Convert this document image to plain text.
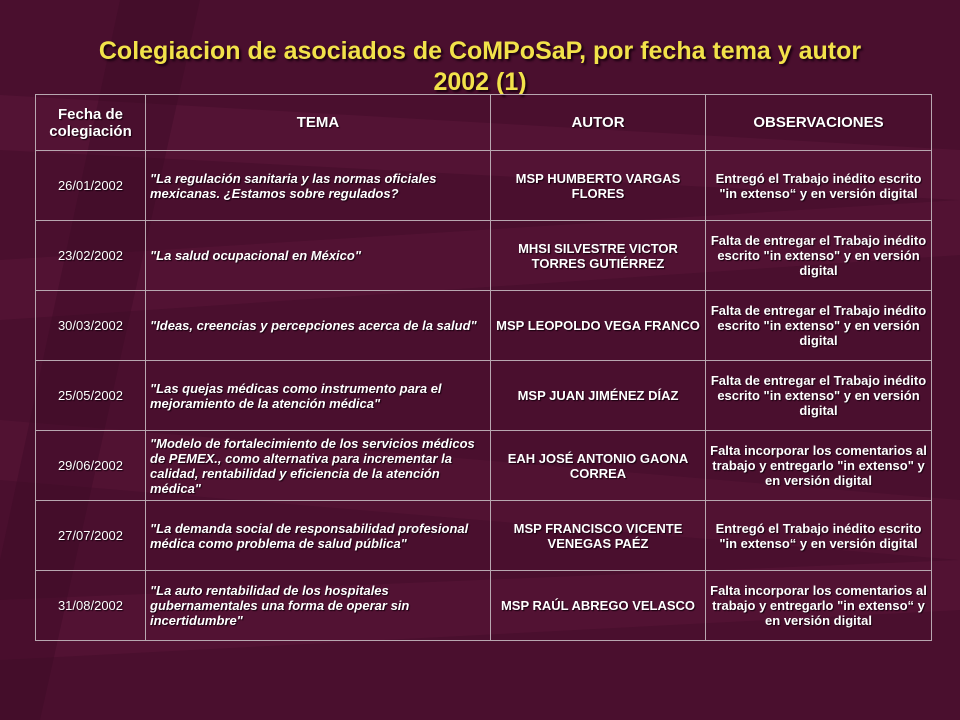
Colegiacion de asociados de CoMPoSaP, por fecha tema y autor
2002 (1)
Fecha de colegiación	TEMA	AUTOR	OBSERVACIONES
26/01/2002	"La regulación sanitaria y las normas oficiales mexicanas. ¿Estamos sobre regulados?	MSP HUMBERTO VARGAS FLORES	Entregó el Trabajo inédito escrito "in extenso“ y en versión digital
23/02/2002	"La salud ocupacional en México"	MHSI SILVESTRE VICTOR TORRES GUTIÉRREZ	Falta de entregar el Trabajo inédito escrito "in extenso" y en versión digital
30/03/2002	"Ideas, creencias y percepciones acerca de la salud"	MSP LEOPOLDO VEGA FRANCO	Falta de entregar el Trabajo inédito escrito "in extenso" y en versión digital
25/05/2002	"Las quejas médicas como instrumento para el mejoramiento de la atención médica"	MSP JUAN JIMÉNEZ DÍAZ	Falta de entregar el Trabajo inédito escrito "in extenso" y en versión digital
29/06/2002	"Modelo de fortalecimiento de los servicios médicos de PEMEX., como alternativa para incrementar la calidad, rentabilidad y eficiencia de la atención médica"	EAH JOSÉ ANTONIO GAONA CORREA	Falta incorporar los comentarios al trabajo y entregarlo "in extenso" y en versión digital
27/07/2002	"La demanda social de responsabilidad profesional médica como problema de salud pública"	MSP FRANCISCO VICENTE VENEGAS PAÉZ	Entregó el Trabajo inédito escrito "in extenso“ y en versión digital
31/08/2002	"La auto rentabilidad de los hospitales gubernamentales una forma de operar sin incertidumbre"	MSP RAÚL ABREGO VELASCO	Falta incorporar los comentarios al trabajo y entregarlo "in extenso“ y en versión digital
